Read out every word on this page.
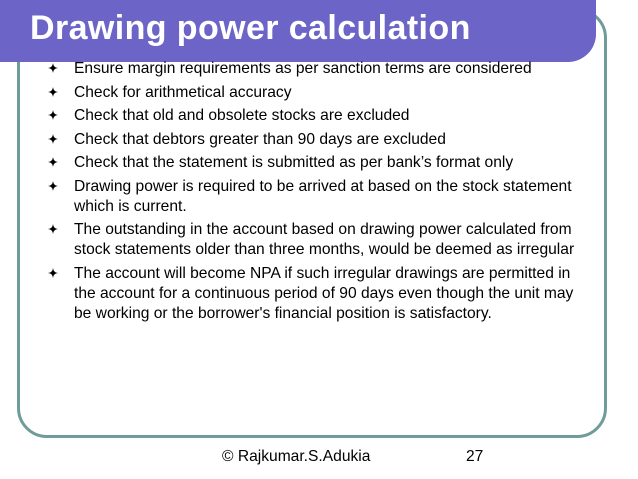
Drawing power calculation
Ensure margin requirements as per sanction terms are considered
Check for arithmetical accuracy
Check that old and obsolete stocks are excluded
Check that debtors greater than 90 days are excluded
Check that the statement is submitted as per bank’s format only
Drawing power is required to be arrived at based on the stock statement which is current.
The outstanding in the account based on drawing power calculated from stock statements older than three months, would be deemed as irregular
The account will become NPA if such irregular drawings are permitted in the account for a continuous period of 90 days even though the unit may be working or the borrower's financial position is satisfactory.
© Rajkumar.S.Adukia	27
